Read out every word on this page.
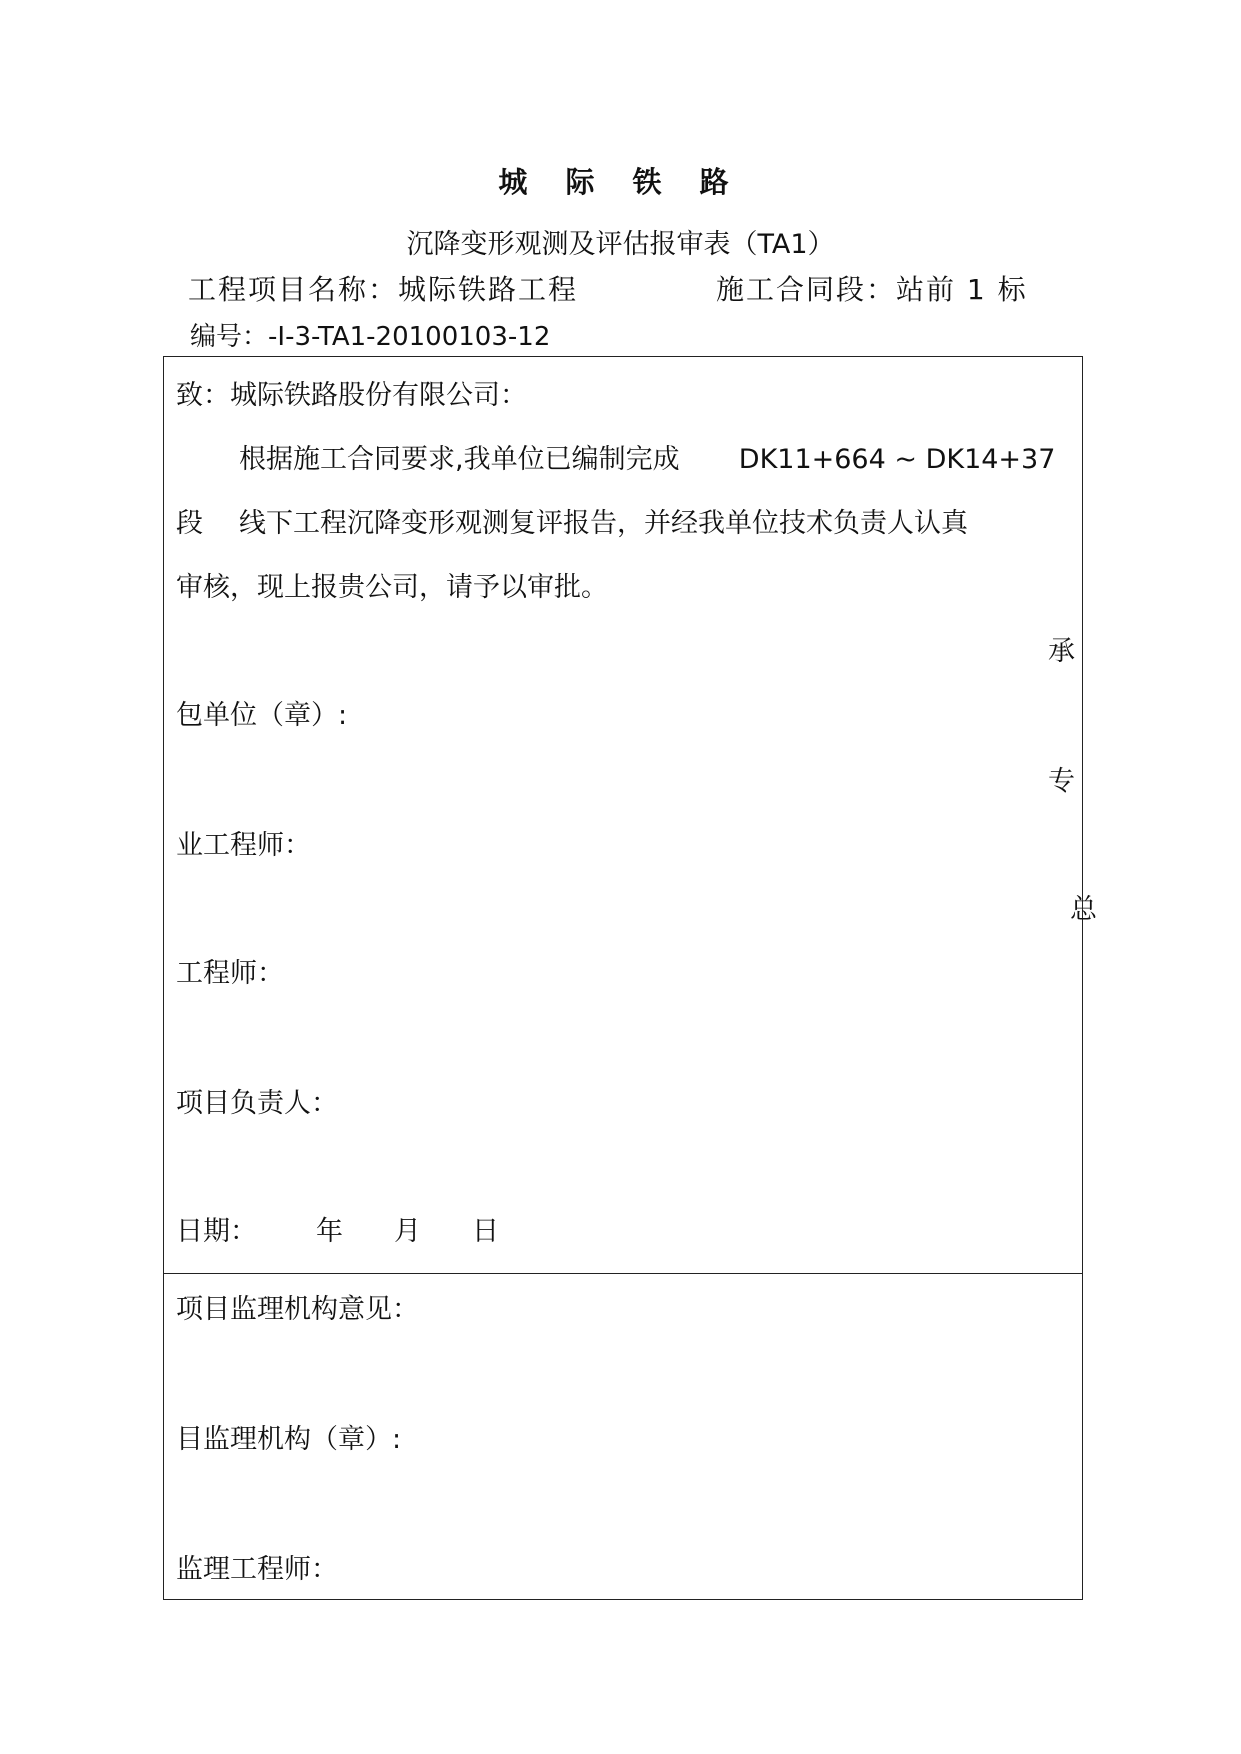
城 际 铁 路
沉降变形观测及评估报审表（TA1）
工程项目名称：城际铁路工程	施工合同段：站前 1 标
编号：-I-3-TA1-20100103-12
致：城际铁路股份有限公司：
根据施工合同要求,我单位已编制完成 DK11+664 ~ DK14+37
段 线下工程沉降变形观测复评报告，并经我单位技术负责人认真
审核，现上报贵公司，请予以审批。
承
包单位（章）:
专
业工程师：
总
工程师：
项目负责人：
日期： 年 月 日
项目监理机构意见：
目监理机构（章）:
监理工程师：
